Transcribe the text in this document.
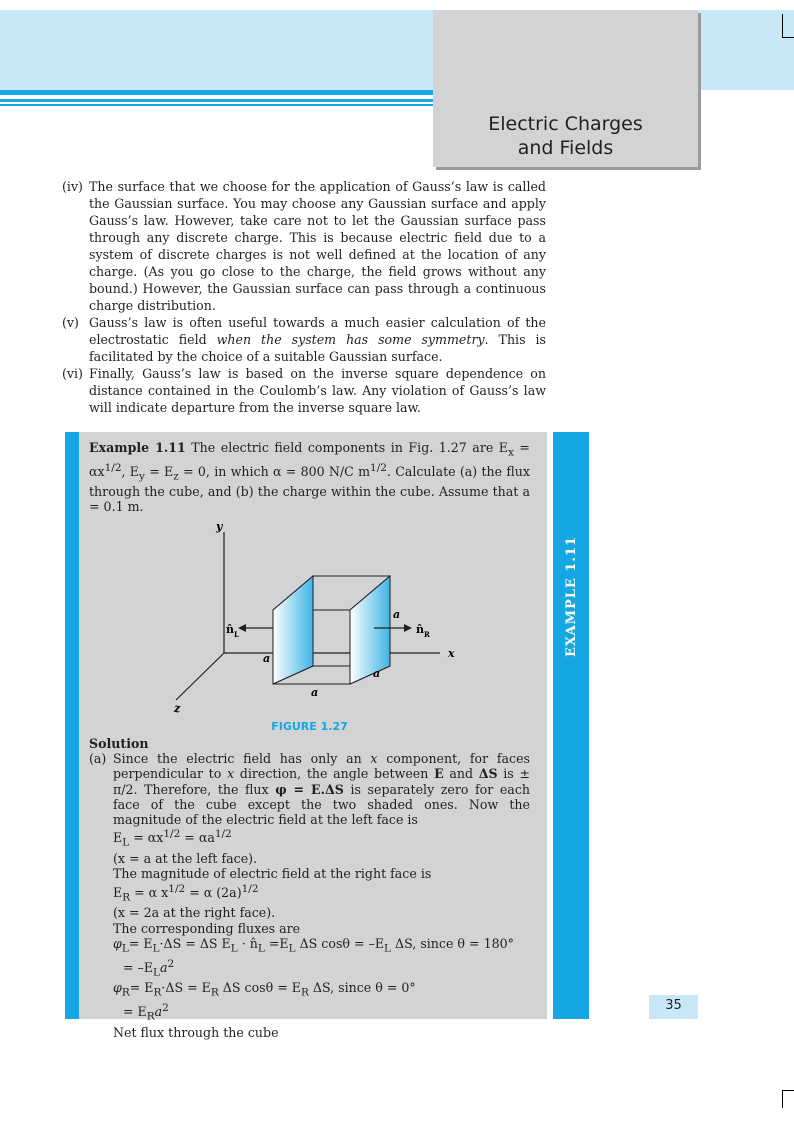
Electric Charges
and Fields
(iv) The surface that we choose for the application of Gauss’s law is called the Gaussian surface. You may choose any Gaussian surface and apply Gauss’s law. However, take care not to let the Gaussian surface pass through any discrete charge. This is because electric field due to a system of discrete charges is not well defined at the location of any charge. (As you go close to the charge, the field grows without any bound.) However, the Gaussian surface can pass through a continuous charge distribution.
(v) Gauss’s law is often useful towards a much easier calculation of the electrostatic field when the system has some symmetry. This is facilitated by the choice of a suitable Gaussian surface.
(vi) Finally, Gauss’s law is based on the inverse square dependence on distance contained in the Coulomb’s law. Any violation of Gauss’s law will indicate departure from the inverse square law.
EXAMPLE 1.11
Example 1.11 The electric field components in Fig. 1.27 are $E_x = \alpha x^{1/2}$, $E_y = E_z = 0$, in which α = 800 N/C $m^{1/2}$. Calculate (a) the flux through the cube, and (b) the charge within the cube. Assume that a = 0.1 m.
y
x
z
a
a
a
a
n̂ L	n̂ R
FIGURE 1.27
Solution
(a) Since the electric field has only an x component, for faces perpendicular to x direction, the angle between E and ΔS is ± π/2. Therefore, the flux φ = E.ΔS is separately zero for each face of the cube except the two shaded ones. Now the magnitude of the electric field at the left face is
$E_L = \alpha x^{1/2} = \alpha a^{1/2}$
(x = a at the left face).
The magnitude of electric field at the right face is
$E_R = \alpha$ $x^{1/2} = \alpha$ $(2a)^{1/2}$
(x = 2a at the right face).
The corresponding fluxes are
$\varphi_L= E_L\cdot\Delta S = \Delta S$ $E_L$ · $n̂_L =E_L$ ΔS $\cos\theta = -E_L$ ΔS, since θ = 180°
= $-E_La^2$
$\varphi_R= E_R\cdot\Delta S = E_R$ ΔS $\cos\theta = E_R$ ΔS, since θ = 0°
= $E_Ra^2$
Net flux through the cube
35
